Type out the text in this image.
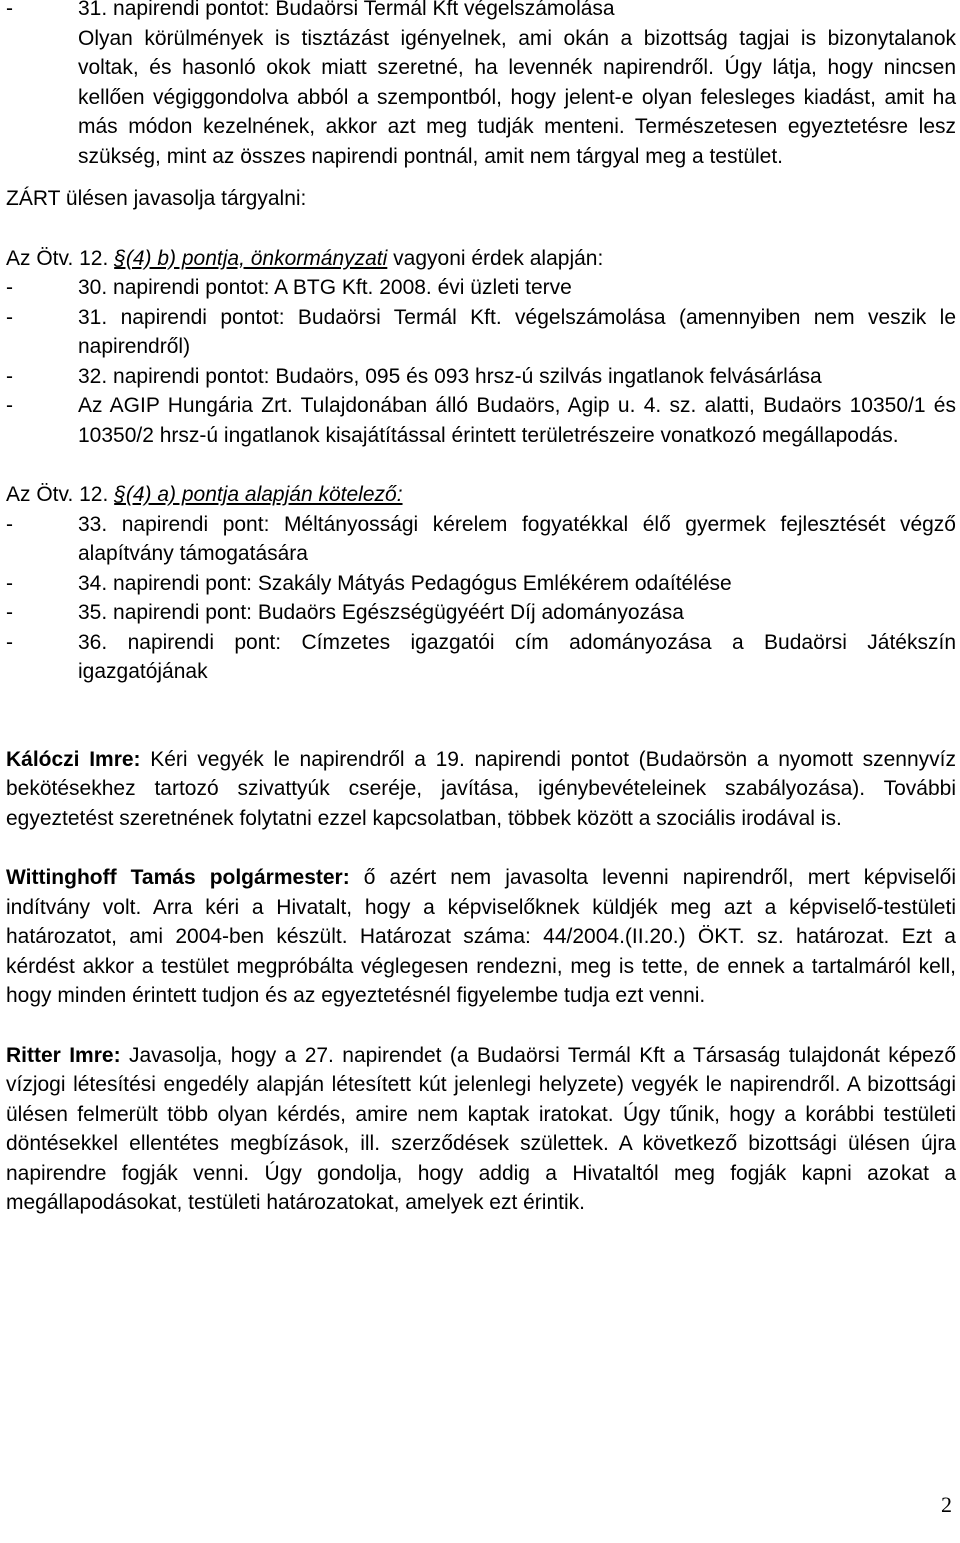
-	31. napirendi pontot: Budaörsi Termál Kft végelszámolása
Olyan körülmények is tisztázást igényelnek, ami okán a bizottság tagjai is bizonytalanok voltak, és hasonló okok miatt szeretné, ha levennék napirendről. Úgy látja, hogy nincsen kellően végiggondolva abból a szempontból, hogy jelent-e olyan felesleges kiadást, amit ha más módon kezelnének, akkor azt meg tudják menteni. Természetesen egyeztetésre lesz szükség, mint az összes napirendi pontnál, amit nem tárgyal meg a testület.

ZÁRT ülésen javasolja tárgyalni:

Az Ötv. 12. §(4) b) pontja, önkormányzati vagyoni érdek alapján:

-	30. napirendi pontot: A BTG Kft. 2008. évi üzleti terve
-	31. napirendi pontot: Budaörsi Termál Kft. végelszámolása (amennyiben nem veszik le napirendről)
-	32. napirendi pontot: Budaörs, 095 és 093 hrsz-ú szilvás ingatlanok felvásárlása
-	Az AGIP Hungária Zrt. Tulajdonában álló Budaörs, Agip u. 4. sz. alatti, Budaörs 10350/1 és 10350/2 hrsz-ú ingatlanok kisajátítással érintett területrészeire vonatkozó megállapodás.

Az Ötv. 12. §(4) a) pontja alapján kötelező:

-	33. napirendi pont: Méltányossági kérelem fogyatékkal élő gyermek fejlesztését végző alapítvány támogatására
-	34. napirendi pont: Szakály Mátyás Pedagógus Emlékérem odaítélése
-	35. napirendi pont: Budaörs Egészségügyéért Díj adományozása
-	36. napirendi pont: Címzetes igazgatói cím adományozása a Budaörsi Játékszín igazgatójának

Kálóczi Imre: Kéri vegyék le napirendről a 19. napirendi pontot (Budaörsön a nyomott szennyvíz bekötésekhez tartozó szivattyúk cseréje, javítása, igénybevételeinek szabályozása). További egyeztetést szeretnének folytatni ezzel kapcsolatban, többek között a szociális irodával is.

Wittinghoff Tamás polgármester: ő azért nem javasolta levenni napirendről, mert képviselői indítvány volt. Arra kéri a Hivatalt, hogy a képviselőknek küldjék meg azt a képviselő-testületi határozatot, ami 2004-ben készült. Határozat száma: 44/2004.(II.20.) ÖKT. sz. határozat. Ezt a kérdést akkor a testület megpróbálta véglegesen rendezni, meg is tette, de ennek a tartalmáról kell, hogy minden érintett tudjon és az egyeztetésnél figyelembe tudja ezt venni.

Ritter Imre: Javasolja, hogy a 27. napirendet (a Budaörsi Termál Kft a Társaság tulajdonát képező vízjogi létesítési engedély alapján létesített kút jelenlegi helyzete) vegyék le napirendről. A bizottsági ülésen felmerült több olyan kérdés, amire nem kaptak iratokat. Úgy tűnik, hogy a korábbi testületi döntésekkel ellentétes megbízások, ill. szerződések születtek. A következő bizottsági ülésen újra napirendre fogják venni. Úgy gondolja, hogy addig a Hivataltól meg fogják kapni azokat a megállapodásokat, testületi határozatokat, amelyek ezt érintik.

2
